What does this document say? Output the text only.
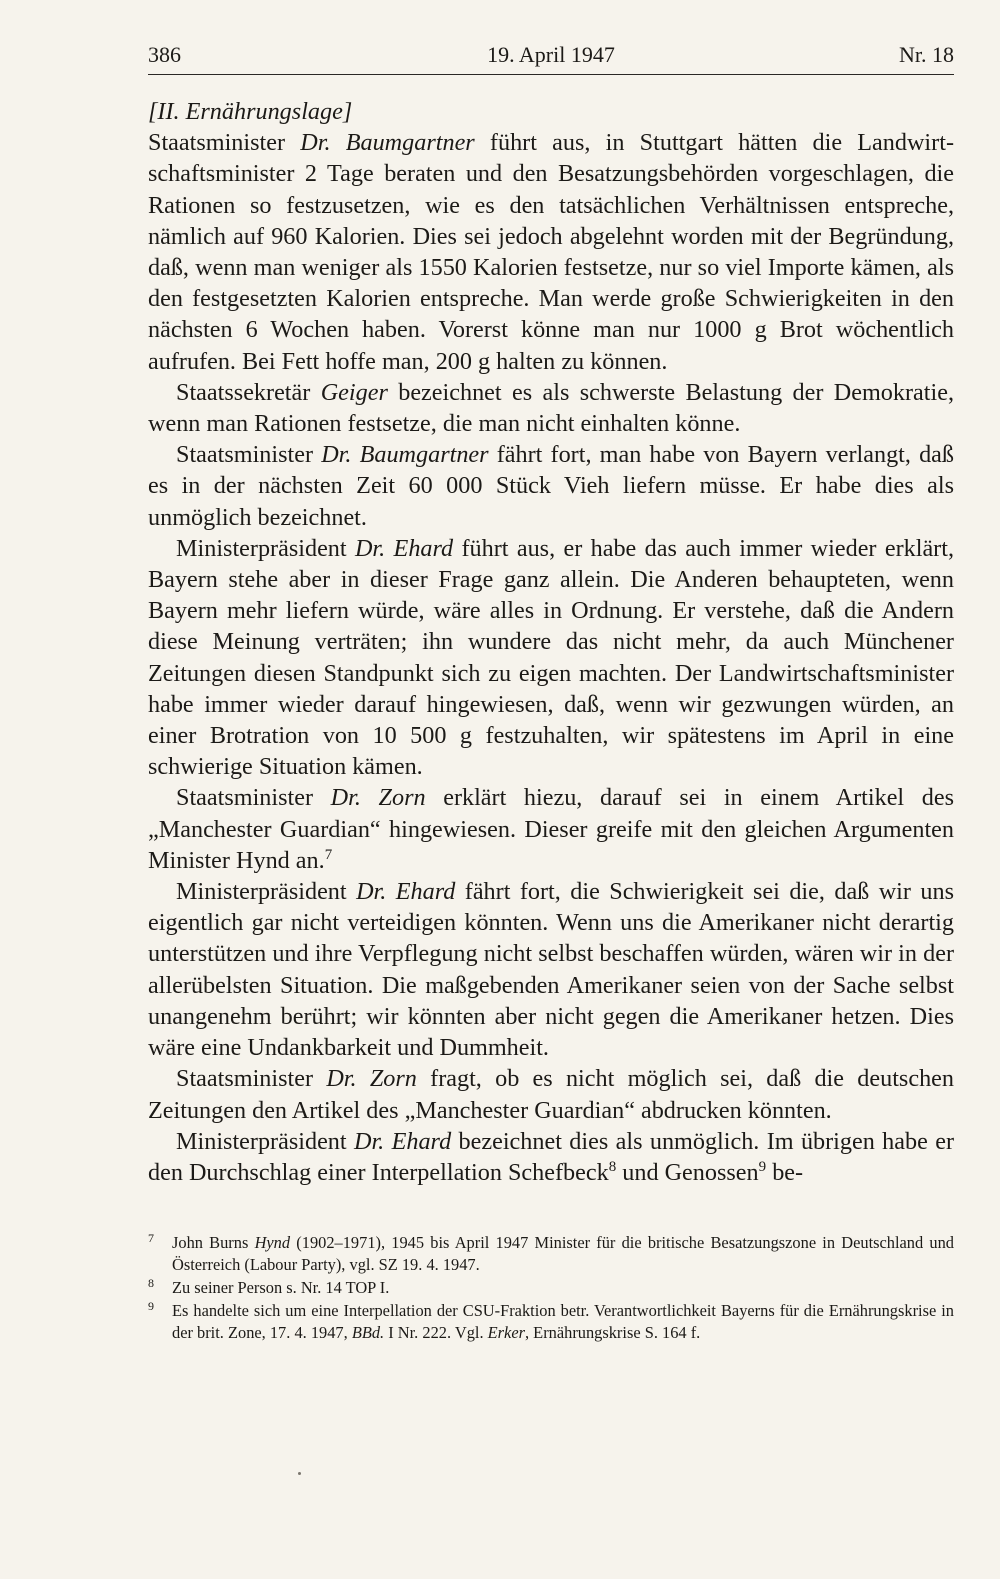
386	19. April 1947	Nr. 18

[II. Ernährungslage]

Staatsminister Dr. Baumgartner führt aus, in Stuttgart hätten die Landwirtschaftsminister 2 Tage beraten und den Besatzungsbehörden vorgeschlagen, die Rationen so festzusetzen, wie es den tatsächlichen Verhältnissen entspreche, nämlich auf 960 Kalorien. Dies sei jedoch abgelehnt worden mit der Begründung, daß, wenn man weniger als 1550 Kalorien festsetze, nur so viel Importe kämen, als den festgesetzten Kalorien entspreche. Man werde große Schwierigkeiten in den nächsten 6 Wochen haben. Vorerst könne man nur 1000 g Brot wöchentlich aufrufen. Bei Fett hoffe man, 200 g halten zu können.

Staatssekretär Geiger bezeichnet es als schwerste Belastung der Demokratie, wenn man Rationen festsetze, die man nicht einhalten könne.

Staatsminister Dr. Baumgartner fährt fort, man habe von Bayern verlangt, daß es in der nächsten Zeit 60 000 Stück Vieh liefern müsse. Er habe dies als unmöglich bezeichnet.

Ministerpräsident Dr. Ehard führt aus, er habe das auch immer wieder erklärt, Bayern stehe aber in dieser Frage ganz allein. Die Anderen behaupteten, wenn Bayern mehr liefern würde, wäre alles in Ordnung. Er verstehe, daß die Andern diese Meinung verträten; ihn wundere das nicht mehr, da auch Münchener Zeitungen diesen Standpunkt sich zu eigen machten. Der Landwirtschaftsminister habe immer wieder darauf hingewiesen, daß, wenn wir gezwungen würden, an einer Brotration von 10 500 g festzuhalten, wir spätestens im April in eine schwierige Situation kämen.

Staatsminister Dr. Zorn erklärt hiezu, darauf sei in einem Artikel des „Manchester Guardian“ hingewiesen. Dieser greife mit den gleichen Argumenten Minister Hynd an.$^7$

Ministerpräsident Dr. Ehard fährt fort, die Schwierigkeit sei die, daß wir uns eigentlich gar nicht verteidigen könnten. Wenn uns die Amerikaner nicht derartig unterstützen und ihre Verpflegung nicht selbst beschaffen würden, wären wir in der allerübelsten Situation. Die maßgebenden Amerikaner seien von der Sache selbst unangenehm berührt; wir könnten aber nicht gegen die Amerikaner hetzen. Dies wäre eine Undankbarkeit und Dummheit.

Staatsminister Dr. Zorn fragt, ob es nicht möglich sei, daß die deutschen Zeitungen den Artikel des „Manchester Guardian“ abdrucken könnten.

Ministerpräsident Dr. Ehard bezeichnet dies als unmöglich. Im übrigen habe er den Durchschlag einer Interpellation Schefbeck$^8$ und Genossen$^9$ be-

7 John Burns Hynd (1902–1971), 1945 bis April 1947 Minister für die britische Besatzungszone in Deutschland und Österreich (Labour Party), vgl. SZ 19. 4. 1947.
8 Zu seiner Person s. Nr. 14 TOP I.
9 Es handelte sich um eine Interpellation der CSU-Fraktion betr. Verantwortlichkeit Bayerns für die Ernährungskrise in der brit. Zone, 17. 4. 1947, BBd. I Nr. 222. Vgl. Erker, Ernährungskrise S. 164 f.
